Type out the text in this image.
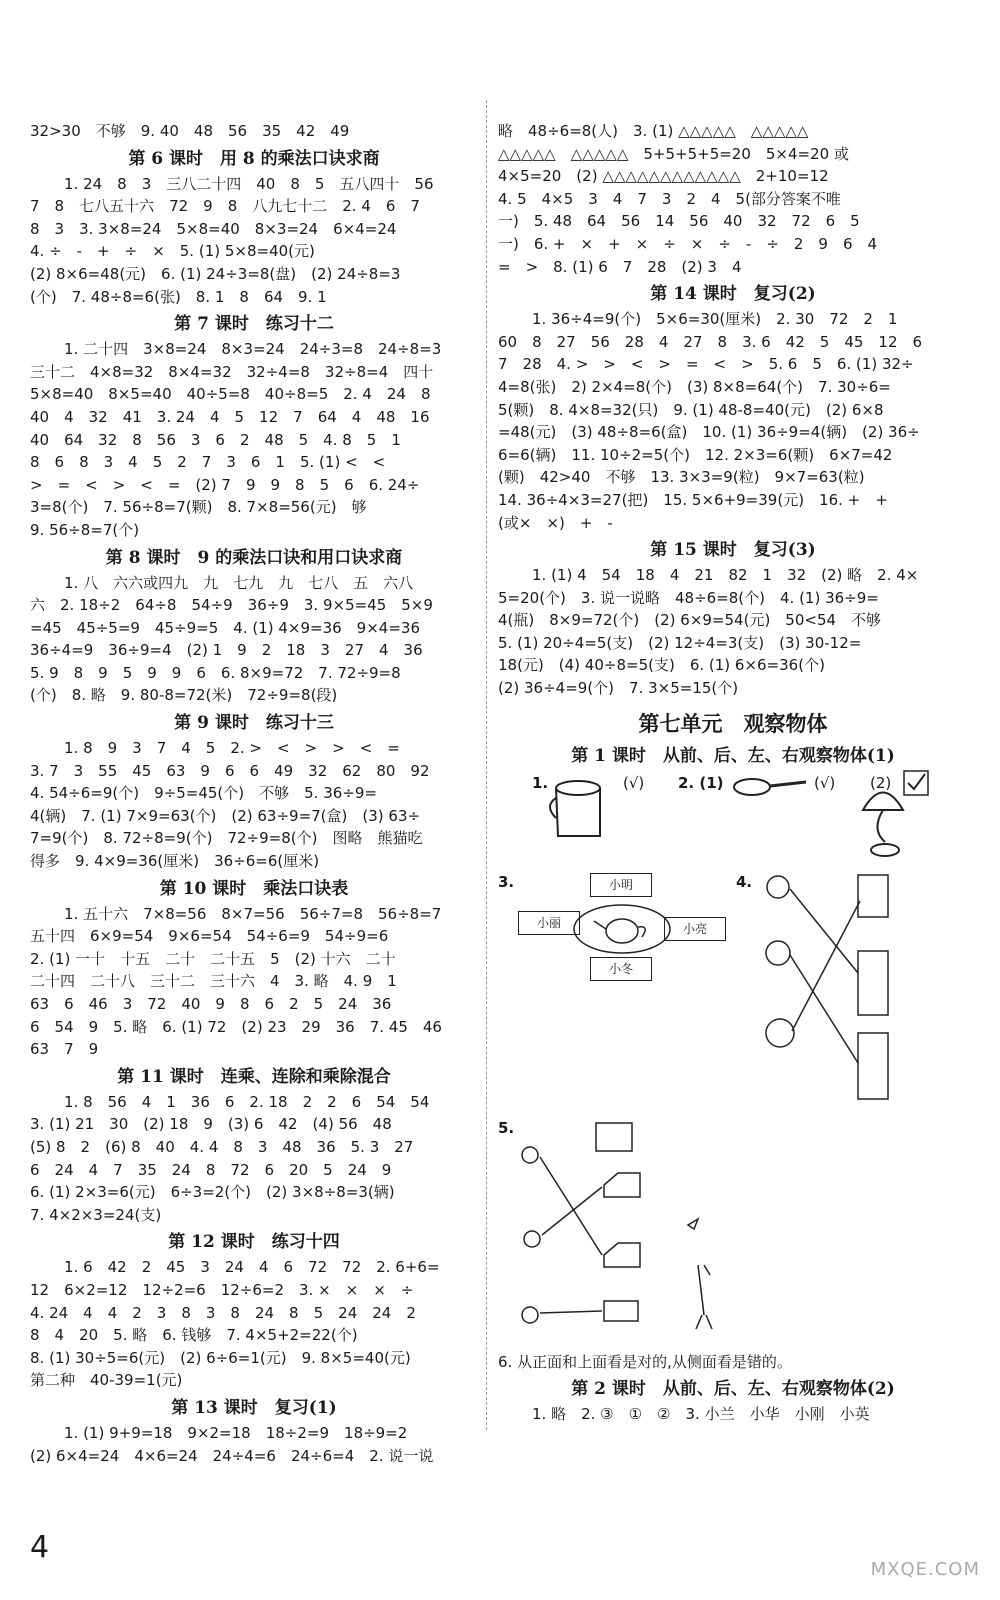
32>30　不够　9. 40　48　56　35　42　49

第 6 课时　用 8 的乘法口诀求商

1. 24　8　3　三八二十四　40　8　5　五八四十　56

7　8　七八五十六　72　9　8　八九七十二　2. 4　6　7

8　3　3. 3×8=24　5×8=40　8×3=24　6×4=24

4. ÷　-　+　÷　×　5. (1) 5×8=40(元)

(2) 8×6=48(元)　6. (1) 24÷3=8(盘)　(2) 24÷8=3

(个)　7. 48÷8=6(张)　8. 1　8　64　9. 1

第 7 课时　练习十二

1. 二十四　3×8=24　8×3=24　24÷3=8　24÷8=3

三十二　4×8=32　8×4=32　32÷4=8　32÷8=4　四十

5×8=40　8×5=40　40÷5=8　40÷8=5　2. 4　24　8

40　4　32　41　3. 24　4　5　12　7　64　4　48　16

40　64　32　8　56　3　6　2　48　5　4. 8　5　1

8　6　8　3　4　5　2　7　3　6　1　5. (1) <　<

>　=　<　>　<　=　(2) 7　9　9　8　5　6　6. 24÷

3=8(个)　7. 56÷8=7(颗)　8. 7×8=56(元)　够

9. 56÷8=7(个)

第 8 课时　9 的乘法口诀和用口诀求商

1. 八　六六或四九　九　七九　九　七八　五　六八

六　2. 18÷2　64÷8　54÷9　36÷9　3. 9×5=45　5×9

=45　45÷5=9　45÷9=5　4. (1) 4×9=36　9×4=36

36÷4=9　36÷9=4　(2) 1　9　2　18　3　27　4　36

5. 9　8　9　5　9　9　6　6. 8×9=72　7. 72÷9=8

(个)　8. 略　9. 80-8=72(米)　72÷9=8(段)

第 9 课时　练习十三

1. 8　9　3　7　4　5　2. >　<　>　>　<　=

3. 7　3　55　45　63　9　6　6　49　32　62　80　92

4. 54÷6=9(个)　9÷5=45(个)　不够　5. 36÷9=

4(辆)　7. (1) 7×9=63(个)　(2) 63÷9=7(盒)　(3) 63÷

7=9(个)　8. 72÷8=9(个)　72÷9=8(个)　图略　熊猫吃

得多　9. 4×9=36(厘米)　36÷6=6(厘米)

第 10 课时　乘法口诀表

1. 五十六　7×8=56　8×7=56　56÷7=8　56÷8=7

五十四　6×9=54　9×6=54　54÷6=9　54÷9=6

2. (1) 一十　十五　二十　二十五　5　(2) 十六　二十

二十四　二十八　三十二　三十六　4　3. 略　4. 9　1

63　6　46　3　72　40　9　8　6　2　5　24　36

6　54　9　5. 略　6. (1) 72　(2) 23　29　36　7. 45　46

63　7　9

第 11 课时　连乘、连除和乘除混合

1. 8　56　4　1　36　6　2. 18　2　2　6　54　54

3. (1) 21　30　(2) 18　9　(3) 6　42　(4) 56　48

(5) 8　2　(6) 8　40　4. 4　8　3　48　36　5. 3　27

6　24　4　7　35　24　8　72　6　20　5　24　9

6. (1) 2×3=6(元)　6÷3=2(个)　(2) 3×8÷8=3(辆)

7. 4×2×3=24(支)

第 12 课时　练习十四

1. 6　42　2　45　3　24　4　6　72　72　2. 6+6=

12　6×2=12　12÷2=6　12÷6=2　3. ×　×　×　÷

4. 24　4　4　2　3　8　3　8　24　8　5　24　24　2

8　4　20　5. 略　6. 钱够　7. 4×5+2=22(个)

8. (1) 30÷5=6(元)　(2) 6÷6=1(元)　9. 8×5=40(元)

第二种　40-39=1(元)

第 13 课时　复习(1)

1. (1) 9+9=18　9×2=18　18÷2=9　18÷9=2

(2) 6×4=24　4×6=24　24÷4=6　24÷6=4　2. 说一说

略　48÷6=8(人)　3. (1) △△△△△　△△△△△

△△△△△　△△△△△　5+5+5+5=20　5×4=20 或

4×5=20　(2) △△△△△△△△△△△△　2+10=12

4. 5　4×5　3　4　7　3　2　4　5(部分答案不唯

一)　5. 48　64　56　14　56　40　32　72　6　5

一)　6. +　×　+　×　÷　×　÷　-　÷　2　9　6　4

=　>　8. (1) 6　7　28　(2) 3　4

第 14 课时　复习(2)

1. 36÷4=9(个)　5×6=30(厘米)　2. 30　72　2　1

60　8　27　56　28　4　27　8　3. 6　42　5　45　12　6

7　28　4. >　>　<　>　=　<　>　5. 6　5　6. (1) 32÷

4=8(张)　2) 2×4=8(个)　(3) 8×8=64(个)　7. 30÷6=

5(颗)　8. 4×8=32(只)　9. (1) 48-8=40(元)　(2) 6×8

=48(元)　(3) 48÷8=6(盒)　10. (1) 36÷9=4(辆)　(2) 36÷

6=6(辆)　11. 10÷2=5(个)　12. 2×3=6(颗)　6×7=42

(颗)　42>40　不够　13. 3×3=9(粒)　9×7=63(粒)

14. 36÷4×3=27(把)　15. 5×6+9=39(元)　16. +　+

(或×　×)　+　-

第 15 课时　复习(3)

1. (1) 4　54　18　4　21　82　1　32　(2) 略　2. 4×

5=20(个)　3. 说一说略　48÷6=8(个)　4. (1) 36÷9=

4(瓶)　8×9=72(个)　(2) 6×9=54(元)　50<54　不够

5. (1) 20÷4=5(支)　(2) 12÷4=3(支)　(3) 30-12=

18(元)　(4) 40÷8=5(支)　6. (1) 6×6=36(个)

(2) 36÷4=9(个)　7. 3×5=15(个)

第七单元　观察物体
第 1 课时　从前、后、左、右观察物体(1)
1.	(√) 2. (1)	(√) (2)
3.	小明
小丽	小亮
小冬
4.
5.

6. 从正面和上面看是对的,从侧面看是错的。

第 2 课时　从前、后、左、右观察物体(2)

1. 略　2. ③　①　②　3. 小兰　小华　小刚　小英

4
MXQE.COM
